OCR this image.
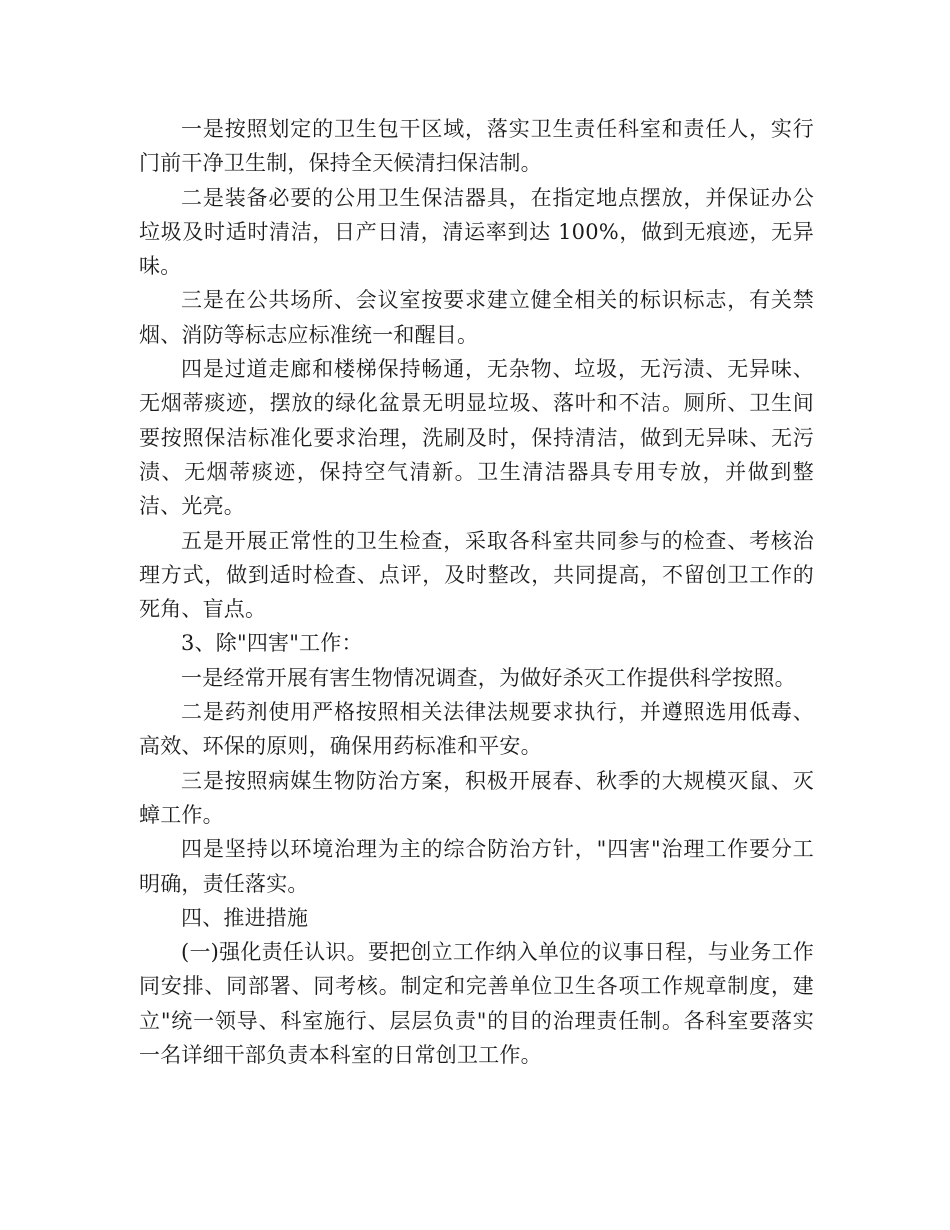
一是按照划定的卫生包干区域，落实卫生责任科室和责任人，实行门前干净卫生制，保持全天候清扫保洁制。

二是装备必要的公用卫生保洁器具，在指定地点摆放，并保证办公垃圾及时适时清洁，日产日清，清运率到达 100%，做到无痕迹，无异味。

三是在公共场所、会议室按要求建立健全相关的标识标志，有关禁烟、消防等标志应标准统一和醒目。

四是过道走廊和楼梯保持畅通，无杂物、垃圾，无污渍、无异味、无烟蒂痰迹，摆放的绿化盆景无明显垃圾、落叶和不洁。厕所、卫生间要按照保洁标准化要求治理，洗刷及时，保持清洁，做到无异味、无污渍、无烟蒂痰迹，保持空气清新。卫生清洁器具专用专放，并做到整洁、光亮。

五是开展正常性的卫生检查，采取各科室共同参与的检查、考核治理方式，做到适时检查、点评，及时整改，共同提高，不留创卫工作的死角、盲点。

3、除"四害"工作：

一是经常开展有害生物情况调查，为做好杀灭工作提供科学按照。

二是药剂使用严格按照相关法律法规要求执行，并遵照选用低毒、高效、环保的原则，确保用药标准和平安。

三是按照病媒生物防治方案，积极开展春、秋季的大规模灭鼠、灭蟑工作。

四是坚持以环境治理为主的综合防治方针，"四害"治理工作要分工明确，责任落实。

四、推进措施

(一)强化责任认识。要把创立工作纳入单位的议事日程，与业务工作同安排、同部署、同考核。制定和完善单位卫生各项工作规章制度，建立"统一领导、科室施行、层层负责"的目的治理责任制。各科室要落实一名详细干部负责本科室的日常创卫工作。
